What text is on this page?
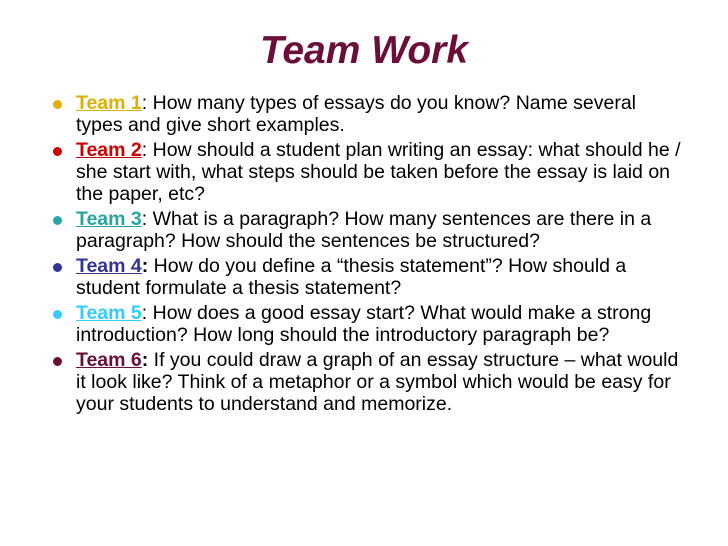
Team Work
Team 1: How many types of essays do you know? Name several types and give short examples.
Team 2: How should a student plan writing an essay: what should he / she start with, what steps should be taken before the essay is laid on the paper, etc?
Team 3: What is a paragraph? How many sentences are there in a paragraph? How should the sentences be structured?
Team 4: How do you define a “thesis statement”? How should a student formulate a thesis statement?
Team 5: How does a good essay start? What would make a strong introduction? How long should the introductory paragraph be?
Team 6: If you could draw a graph of an essay structure – what would it look like? Think of a metaphor or a symbol which would be easy for your students to understand and memorize.
